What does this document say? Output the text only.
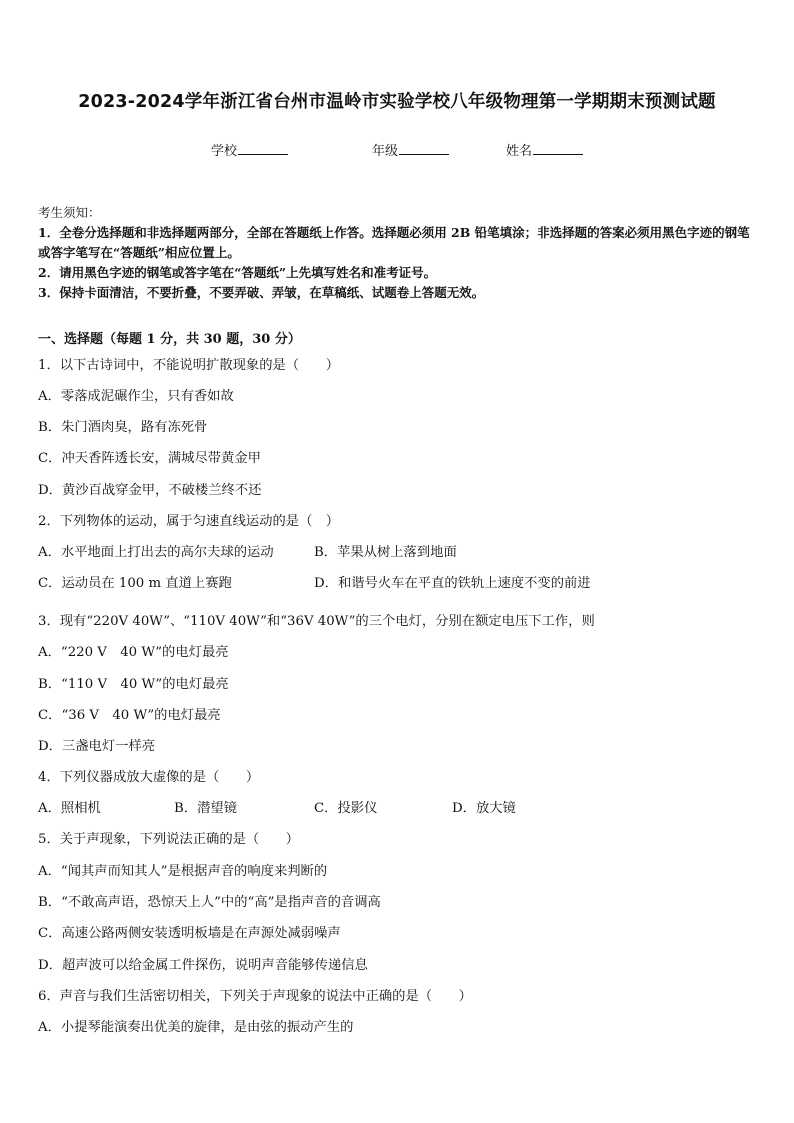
2023-2024学年浙江省台州市温岭市实验学校八年级物理第一学期期末预测试题
学校	年级	姓名
考生须知：
1．全卷分选择题和非选择题两部分，全部在答题纸上作答。选择题必须用 2B 铅笔填涂；非选择题的答案必须用黑色字迹的钢笔或答字笔写在“答题纸”相应位置上。
2．请用黑色字迹的钢笔或答字笔在“答题纸”上先填写姓名和准考证号。
3．保持卡面清洁，不要折叠，不要弄破、弄皱，在草稿纸、试题卷上答题无效。
一、选择题（每题 1 分，共 30 题，30 分）
1．以下古诗词中，不能说明扩散现象的是（　　）
A．零落成泥碾作尘，只有香如故
B．朱门酒肉臭，路有冻死骨
C．冲天香阵透长安，满城尽带黄金甲
D．黄沙百战穿金甲，不破楼兰终不还
2．下列物体的运动，属于匀速直线运动的是（　）
A．水平地面上打出去的高尔夫球的运动	B．苹果从树上落到地面
C．运动员在 100 m 直道上赛跑	D．和谐号火车在平直的铁轨上速度不变的前进
3．现有“220V 40W”、“110V 40W”和“36V 40W”的三个电灯，分别在额定电压下工作，则
A．“220 V　40 W”的电灯最亮
B．“110 V　40 W”的电灯最亮
C．“36 V　40 W”的电灯最亮
D．三盏电灯一样亮
4．下列仪器成放大虚像的是（　　）
A．照相机	B．潜望镜	C．投影仪	D．放大镜
5．关于声现象，下列说法正确的是（　　）
A．“闻其声而知其人”是根据声音的响度来判断的
B．“不敢高声语，恐惊天上人”中的“高”是指声音的音调高
C．高速公路两侧安装透明板墙是在声源处减弱噪声
D．超声波可以给金属工件探伤，说明声音能够传递信息
6．声音与我们生活密切相关，下列关于声现象的说法中正确的是（　　）
A．小提琴能演奏出优美的旋律，是由弦的振动产生的
